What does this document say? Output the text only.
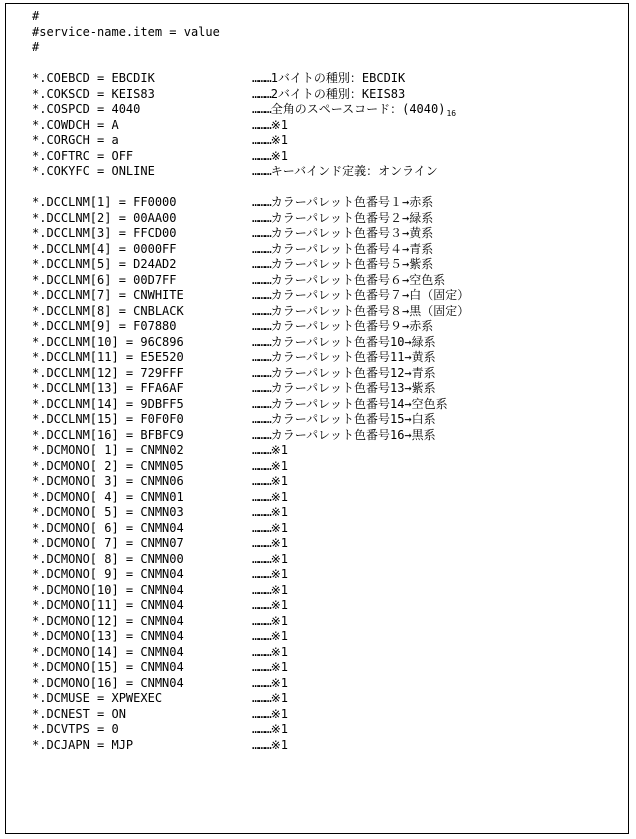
#
#service-name.item = value
#
*.COEBCD = EBCDIK	………1バイトの種別：EBCDIK
*.COKSCD = KEIS83	………2バイトの種別：KEIS83
*.COSPCD = 4040	………全角のスペースコード：$(4040)_{16}$
*.COWDCH = A	………※1
*.CORGCH = a	………※1
*.COFTRC = OFF	………※1
*.COKYFC = ONLINE	………キーバインド定義：オンライン
*.DCCLNM[1] = FF0000	………カラーパレット色番号１→赤系
*.DCCLNM[2] = 00AA00	………カラーパレット色番号２→緑系
*.DCCLNM[3] = FFCD00	………カラーパレット色番号３→黄系
*.DCCLNM[4] = 0000FF	………カラーパレット色番号４→青系
*.DCCLNM[5] = D24AD2	………カラーパレット色番号５→紫系
*.DCCLNM[6] = 00D7FF	………カラーパレット色番号６→空色系
*.DCCLNM[7] = CNWHITE	………カラーパレット色番号７→白（固定）
*.DCCLNM[8] = CNBLACK	………カラーパレット色番号８→黒（固定）
*.DCCLNM[9] = F07880	………カラーパレット色番号９→赤系
*.DCCLNM[10] = 96C896	………カラーパレット色番号10→緑系
*.DCCLNM[11] = E5E520	………カラーパレット色番号11→黄系
*.DCCLNM[12] = 729FFF	………カラーパレット色番号12→青系
*.DCCLNM[13] = FFA6AF	………カラーパレット色番号13→紫系
*.DCCLNM[14] = 9DBFF5	………カラーパレット色番号14→空色系
*.DCCLNM[15] = F0F0F0	………カラーパレット色番号15→白系
*.DCCLNM[16] = BFBFC9	………カラーパレット色番号16→黒系
*.DCMONO[ 1] = CNMN02	………※1
*.DCMONO[ 2] = CNMN05	………※1
*.DCMONO[ 3] = CNMN06	………※1
*.DCMONO[ 4] = CNMN01	………※1
*.DCMONO[ 5] = CNMN03	………※1
*.DCMONO[ 6] = CNMN04	………※1
*.DCMONO[ 7] = CNMN07	………※1
*.DCMONO[ 8] = CNMN00	………※1
*.DCMONO[ 9] = CNMN04	………※1
*.DCMONO[10] = CNMN04	………※1
*.DCMONO[11] = CNMN04	………※1
*.DCMONO[12] = CNMN04	………※1
*.DCMONO[13] = CNMN04	………※1
*.DCMONO[14] = CNMN04	………※1
*.DCMONO[15] = CNMN04	………※1
*.DCMONO[16] = CNMN04	………※1
*.DCMUSE = XPWEXEC	………※1
*.DCNEST = ON	………※1
*.DCVTPS = 0	………※1
*.DCJAPN = MJP	………※1
